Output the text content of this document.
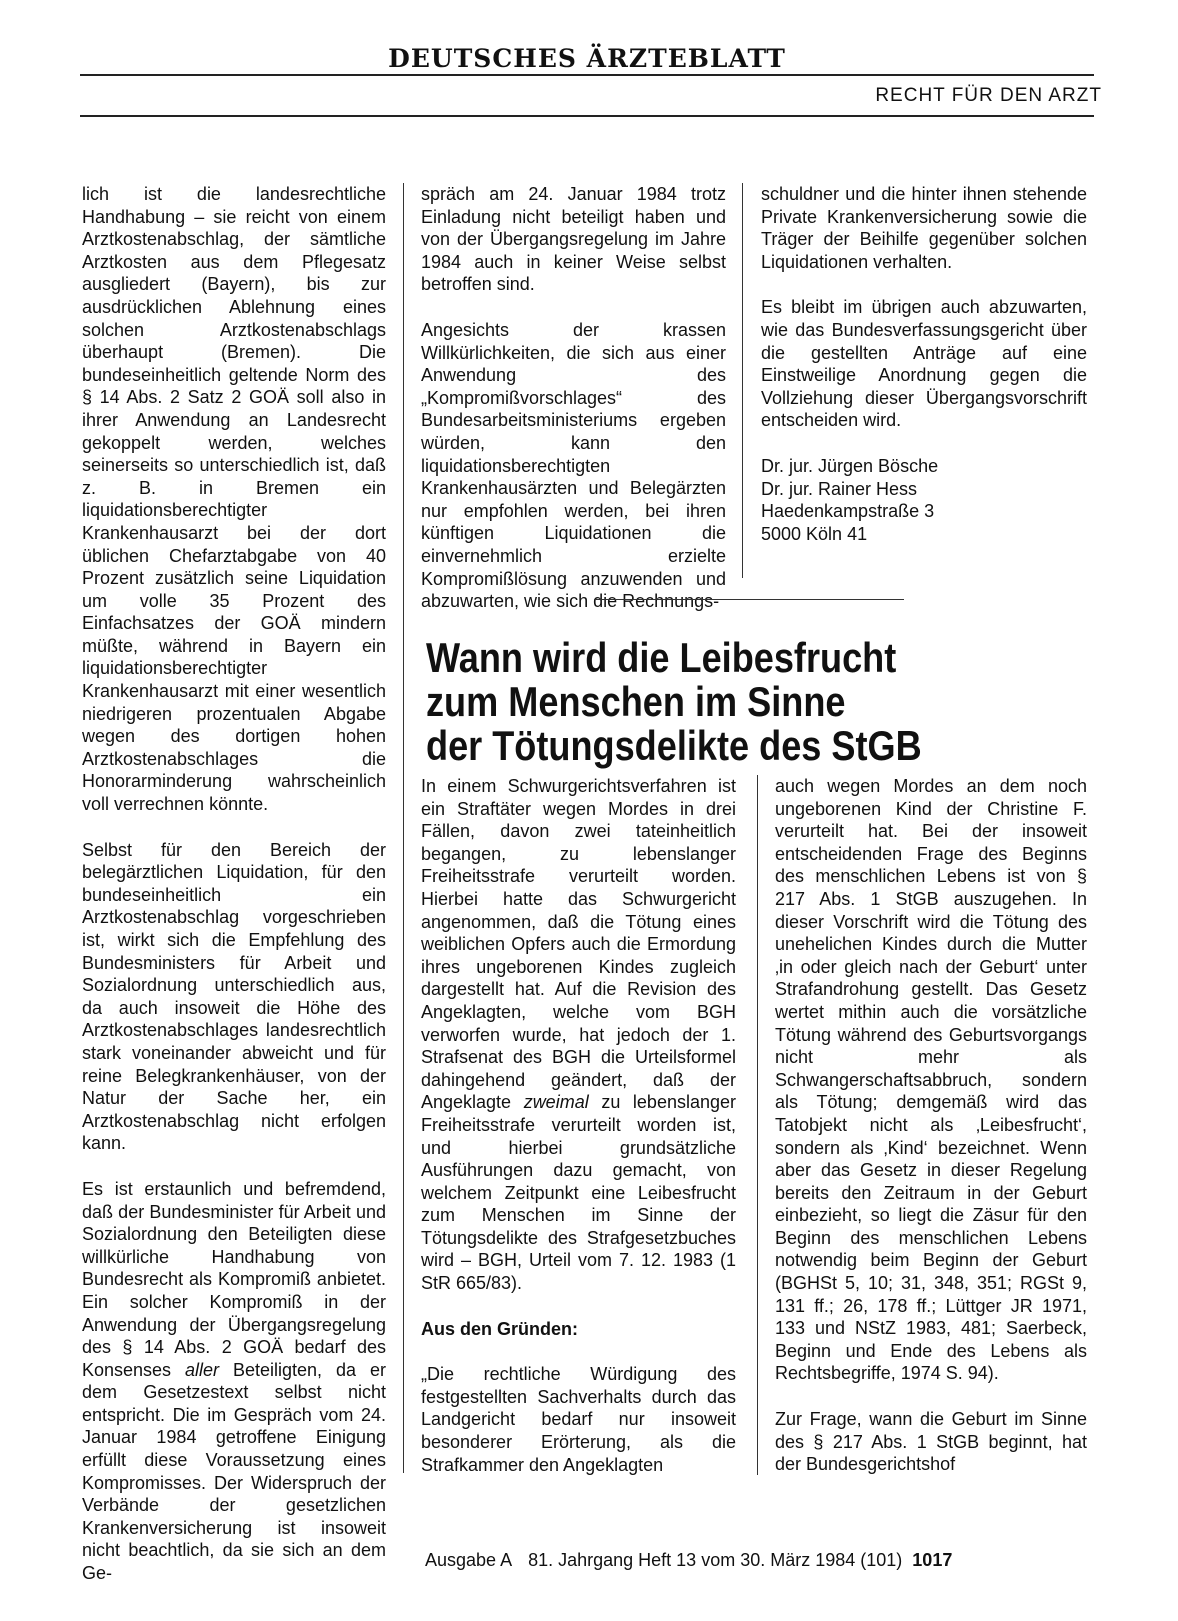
DEUTSCHES ÄRZTEBLATT
RECHT FÜR DEN ARZT

lich ist die landesrechtliche Handhabung – sie reicht von einem Arztkostenabschlag, der sämtliche Arztkosten aus dem Pflegesatz ausgliedert (Bayern), bis zur ausdrücklichen Ablehnung eines solchen Arztkostenabschlags überhaupt (Bremen). Die bundeseinheitlich geltende Norm des § 14 Abs. 2 Satz 2 GOÄ soll also in ihrer Anwendung an Landesrecht gekoppelt werden, welches seinerseits so unterschiedlich ist, daß z. B. in Bremen ein liquidationsberechtigter Krankenhausarzt bei der dort üblichen Chefarztabgabe von 40 Prozent zusätzlich seine Liquidation um volle 35 Prozent des Einfachsatzes der GOÄ mindern müßte, während in Bayern ein liquidationsberechtigter Krankenhausarzt mit einer wesentlich niedrigeren prozentualen Abgabe wegen des dortigen hohen Arztkostenabschlages die Honorarminderung wahrscheinlich voll verrechnen könnte.

Selbst für den Bereich der belegärztlichen Liquidation, für den bundeseinheitlich ein Arztkostenabschlag vorgeschrieben ist, wirkt sich die Empfehlung des Bundesministers für Arbeit und Sozialordnung unterschiedlich aus, da auch insoweit die Höhe des Arztkostenabschlages landesrechtlich stark voneinander abweicht und für reine Belegkrankenhäuser, von der Natur der Sache her, ein Arztkostenabschlag nicht erfolgen kann.

Es ist erstaunlich und befremdend, daß der Bundesminister für Arbeit und Sozialordnung den Beteiligten diese willkürliche Handhabung von Bundesrecht als Kompromiß anbietet. Ein solcher Kompromiß in der Anwendung der Übergangsregelung des § 14 Abs. 2 GOÄ bedarf des Konsenses aller Beteiligten, da er dem Gesetzestext selbst nicht entspricht. Die im Gespräch vom 24. Januar 1984 getroffene Einigung erfüllt diese Voraussetzung eines Kompromisses. Der Widerspruch der Verbände der gesetzlichen Krankenversicherung ist insoweit nicht beachtlich, da sie sich an dem Ge-

spräch am 24. Januar 1984 trotz Einladung nicht beteiligt haben und von der Übergangsregelung im Jahre 1984 auch in keiner Weise selbst betroffen sind.

Angesichts der krassen Willkürlichkeiten, die sich aus einer Anwendung des „Kompromißvorschlages“ des Bundesarbeitsministeriums ergeben würden, kann den liquidationsberechtigten Krankenhausärzten und Belegärzten nur empfohlen werden, bei ihren künftigen Liquidationen die einvernehmlich erzielte Kompromißlösung anzuwenden und abzuwarten, wie sich die Rechnungs-

schuldner und die hinter ihnen stehende Private Krankenversicherung sowie die Träger der Beihilfe gegenüber solchen Liquidationen verhalten.

Es bleibt im übrigen auch abzuwarten, wie das Bundesverfassungsgericht über die gestellten Anträge auf eine Einstweilige Anordnung gegen die Vollziehung dieser Übergangsvorschrift entscheiden wird.

Dr. jur. Jürgen Bösche

Dr. jur. Rainer Hess

Haedenkampstraße 3

5000 Köln 41

Wann wird die Leibesfrucht
zum Menschen im Sinne
der Tötungsdelikte des StGB

In einem Schwurgerichtsverfahren ist ein Straftäter wegen Mordes in drei Fällen, davon zwei tateinheitlich begangen, zu lebenslanger Freiheitsstrafe verurteilt worden. Hierbei hatte das Schwurgericht angenommen, daß die Tötung eines weiblichen Opfers auch die Ermordung ihres ungeborenen Kindes zugleich dargestellt hat. Auf die Revision des Angeklagten, welche vom BGH verworfen wurde, hat jedoch der 1. Strafsenat des BGH die Urteilsformel dahingehend geändert, daß der Angeklagte zweimal zu lebenslanger Freiheitsstrafe verurteilt worden ist, und hierbei grundsätzliche Ausführungen dazu gemacht, von welchem Zeitpunkt eine Leibesfrucht zum Menschen im Sinne der Tötungsdelikte des Strafgesetzbuches wird – BGH, Urteil vom 7. 12. 1983 (1 StR 665/83).

Aus den Gründen:

„Die rechtliche Würdigung des festgestellten Sachverhalts durch das Landgericht bedarf nur insoweit besonderer Erörterung, als die Strafkammer den Angeklagten

auch wegen Mordes an dem noch ungeborenen Kind der Christine F. verurteilt hat. Bei der insoweit entscheidenden Frage des Beginns des menschlichen Lebens ist von § 217 Abs. 1 StGB auszugehen. In dieser Vorschrift wird die Tötung des unehelichen Kindes durch die Mutter ‚in oder gleich nach der Geburt‘ unter Strafandrohung gestellt. Das Gesetz wertet mithin auch die vorsätzliche Tötung während des Geburtsvorgangs nicht mehr als Schwangerschaftsabbruch, sondern als Tötung; demgemäß wird das Tatobjekt nicht als ‚Leibesfrucht‘, sondern als ‚Kind‘ bezeichnet. Wenn aber das Gesetz in dieser Regelung bereits den Zeitraum in der Geburt einbezieht, so liegt die Zäsur für den Beginn des menschlichen Lebens notwendig beim Beginn der Geburt (BGHSt 5, 10; 31, 348, 351; RGSt 9, 131 ff.; 26, 178 ff.; Lüttger JR 1971, 133 und NStZ 1983, 481; Saerbeck, Beginn und Ende des Lebens als Rechtsbegriffe, 1974 S. 94).

Zur Frage, wann die Geburt im Sinne des § 217 Abs. 1 StGB beginnt, hat der Bundesgerichtshof

Ausgabe A 81. Jahrgang Heft 13 vom 30. März 1984 (101) 1017
